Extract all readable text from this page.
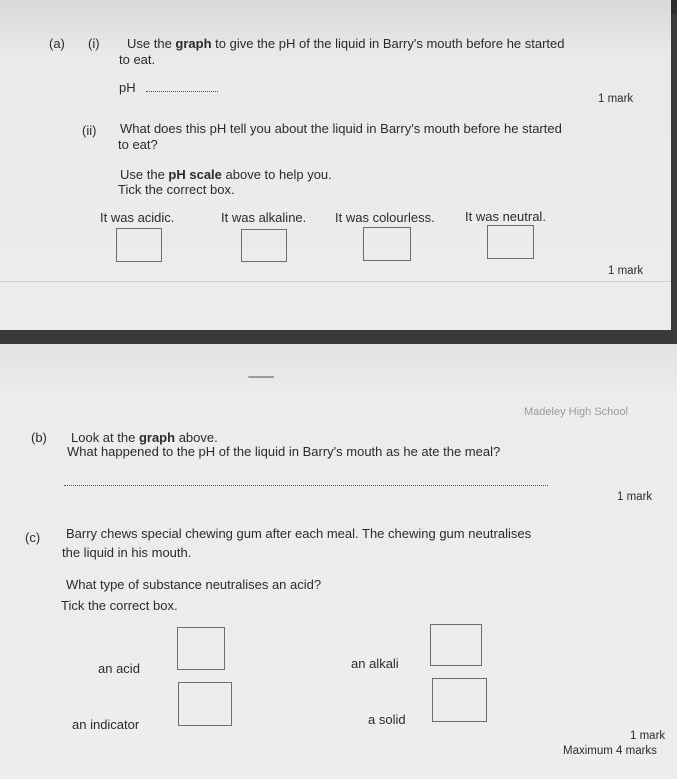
(a) (i) Use the graph to give the pH of the liquid in Barry's mouth before he started
to eat.
pH
1 mark
(ii) What does this pH tell you about the liquid in Barry's mouth before he started
to eat?
Use the pH scale above to help you.
Tick the correct box.
It was acidic.	It was alkaline. It was colourless. It was neutral.
1 mark
Madeley High School
(b) Look at the graph above.
What happened to the pH of the liquid in Barry's mouth as he ate the meal?
1 mark
(c) Barry chews special chewing gum after each meal. The chewing gum neutralises
the liquid in his mouth.
What type of substance neutralises an acid?
Tick the correct box.
an acid	an alkali
an indicator	a solid
1 mark
Maximum 4 marks
